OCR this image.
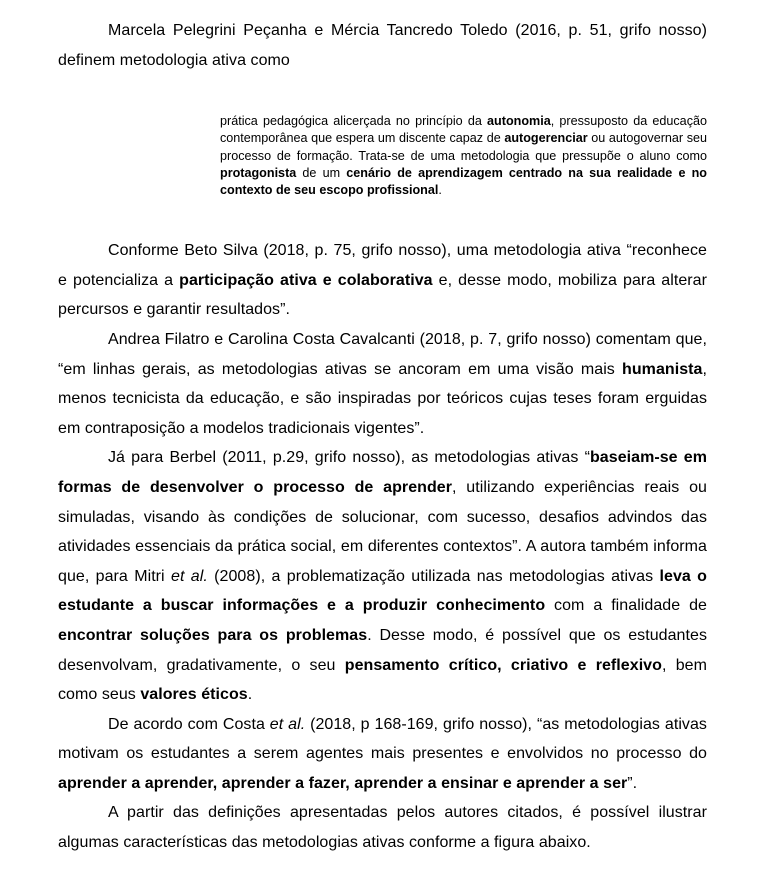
Marcela Pelegrini Peçanha e Mércia Tancredo Toledo (2016, p. 51, grifo nosso) definem metodologia ativa como

prática pedagógica alicerçada no princípio da autonomia, pressuposto da educação contemporânea que espera um discente capaz de autogerenciar ou autogovernar seu processo de formação. Trata-se de uma metodologia que pressupõe o aluno como protagonista de um cenário de aprendizagem centrado na sua realidade e no contexto de seu escopo profissional.

Conforme Beto Silva (2018, p. 75, grifo nosso), uma metodologia ativa “reconhece e potencializa a participação ativa e colaborativa e, desse modo, mobiliza para alterar percursos e garantir resultados”.

Andrea Filatro e Carolina Costa Cavalcanti (2018, p. 7, grifo nosso) comentam que, “em linhas gerais, as metodologias ativas se ancoram em uma visão mais humanista, menos tecnicista da educação, e são inspiradas por teóricos cujas teses foram erguidas em contraposição a modelos tradicionais vigentes”.

Já para Berbel (2011, p.29, grifo nosso), as metodologias ativas “baseiam-se em formas de desenvolver o processo de aprender, utilizando experiências reais ou simuladas, visando às condições de solucionar, com sucesso, desafios advindos das atividades essenciais da prática social, em diferentes contextos”. A autora também informa que, para Mitri et al. (2008), a problematização utilizada nas metodologias ativas leva o estudante a buscar informações e a produzir conhecimento com a finalidade de encontrar soluções para os problemas. Desse modo, é possível que os estudantes desenvolvam, gradativamente, o seu pensamento crítico, criativo e reflexivo, bem como seus valores éticos.

De acordo com Costa et al. (2018, p 168-169, grifo nosso), “as metodologias ativas motivam os estudantes a serem agentes mais presentes e envolvidos no processo do aprender a aprender, aprender a fazer, aprender a ensinar e aprender a ser”.

A partir das definições apresentadas pelos autores citados, é possível ilustrar algumas características das metodologias ativas conforme a figura abaixo.
